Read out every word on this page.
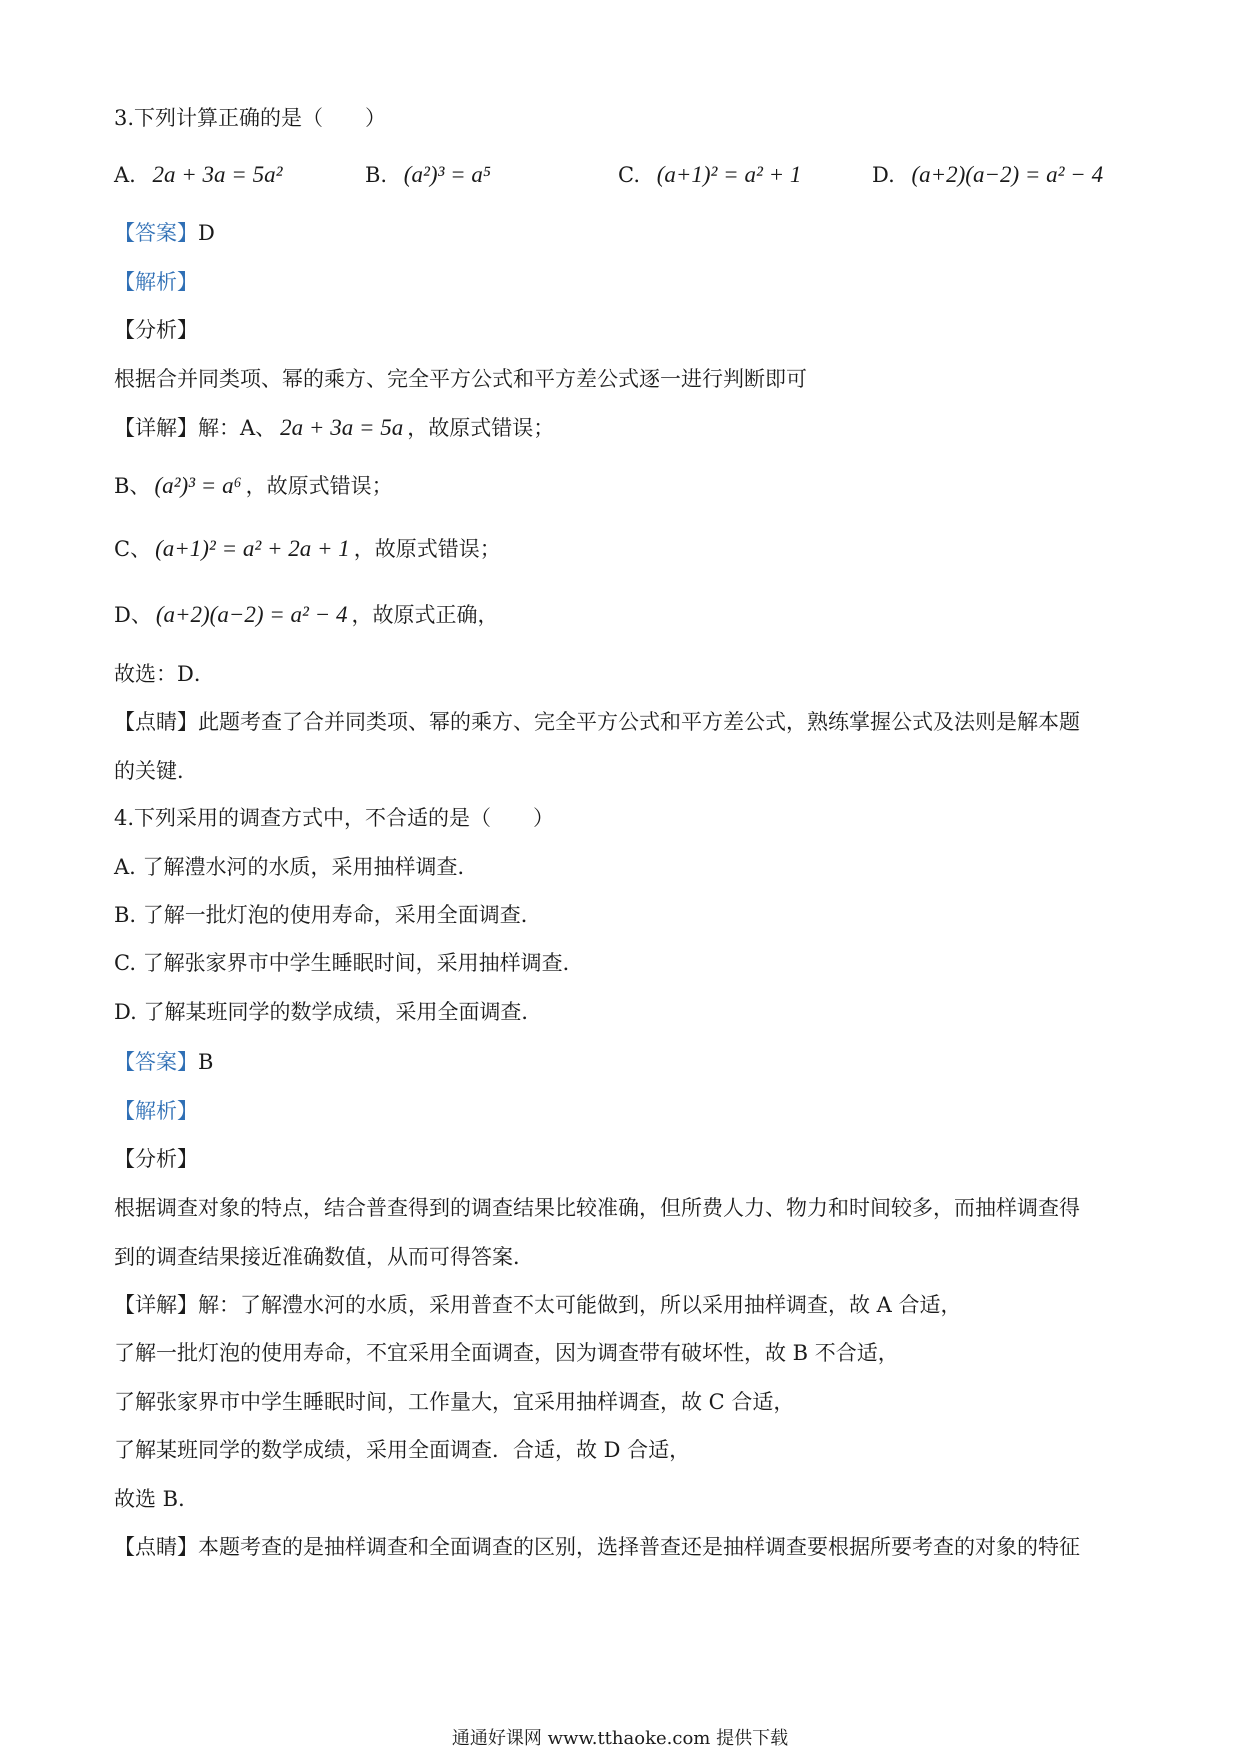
3.下列计算正确的是（　　）
A. 2a + 3a = 5a²	B. (a²)³ = a⁵	C. (a+1)² = a² + 1	D. (a+2)(a−2) = a² − 4
【答案】D
【解析】
【分析】
根据合并同类项、幂的乘方、完全平方公式和平方差公式逐一进行判断即可
【详解】解：A、 2a + 3a = 5a ，故原式错误；
B、 (a²)³ = a⁶ ，故原式错误；
C、 (a+1)² = a² + 2a + 1 ，故原式错误；
D、 (a+2)(a−2) = a² − 4 ，故原式正确，
故选：D．
【点睛】此题考查了合并同类项、幂的乘方、完全平方公式和平方差公式，熟练掌握公式及法则是解本题
的关键．
4.下列采用的调查方式中，不合适的是（　　）
A. 了解澧水河的水质，采用抽样调查．
B. 了解一批灯泡的使用寿命，采用全面调查．
C. 了解张家界市中学生睡眠时间，采用抽样调查．
D. 了解某班同学的数学成绩，采用全面调查．
【答案】B
【解析】
【分析】
根据调查对象的特点，结合普查得到的调查结果比较准确，但所费人力、物力和时间较多，而抽样调查得
到的调查结果接近准确数值，从而可得答案．
【详解】解：了解澧水河的水质，采用普查不太可能做到，所以采用抽样调查，故 A 合适，
了解一批灯泡的使用寿命，不宜采用全面调查，因为调查带有破坏性，故 B 不合适，
了解张家界市中学生睡眠时间，工作量大，宜采用抽样调查，故 C 合适，
了解某班同学的数学成绩，采用全面调查．合适，故 D 合适，
故选 B．
【点睛】本题考查的是抽样调查和全面调查的区别，选择普查还是抽样调查要根据所要考查的对象的特征
通通好课网 www.tthaoke.com 提供下载
